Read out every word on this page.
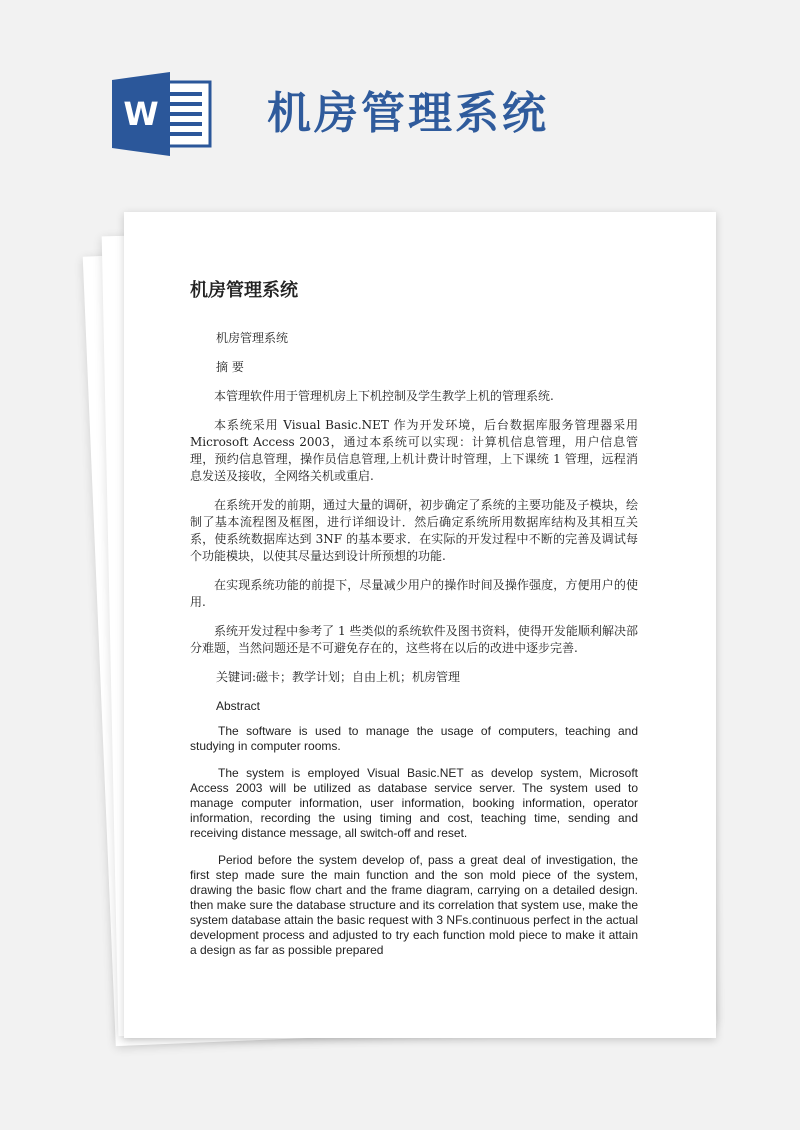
W 机房管理系统
机房管理系统

机房管理系统

摘 要

本管理软件用于管理机房上下机控制及学生教学上机的管理系统.

本系统采用 Visual Basic.NET 作为开发环境，后台数据库服务管理器采用 Microsoft Access 2003，通过本系统可以实现：计算机信息管理，用户信息管理，预约信息管理，操作员信息管理,上机计费计时管理，上下课统 1 管理，远程消息发送及接收，全网络关机或重启.

在系统开发的前期，通过大量的调研，初步确定了系统的主要功能及子模块，绘制了基本流程图及框图，进行详细设计．然后确定系统所用数据库结构及其相互关系，使系统数据库达到 3NF 的基本要求．在实际的开发过程中不断的完善及调试每个功能模块，以使其尽量达到设计所预想的功能.

在实现系统功能的前提下，尽量减少用户的操作时间及操作强度，方便用户的使用.

系统开发过程中参考了 1 些类似的系统软件及图书资料，使得开发能顺利解决部分难题，当然问题还是不可避免存在的，这些将在以后的改进中逐步完善.

关键词:磁卡；教学计划；自由上机；机房管理

Abstract

The software is used to manage the usage of computers, teaching and studying in computer rooms.

The system is employed Visual Basic.NET as develop system, Microsoft Access 2003 will be utilized as database service server. The system used to manage computer information, user information, booking information, operator information, recording the using timing and cost, teaching time, sending and receiving distance message, all switch-off and reset.

Period before the system develop of, pass a great deal of investigation, the first step made sure the main function and the son mold piece of the system, drawing the basic flow chart and the frame diagram, carrying on a detailed design. then make sure the database structure and its correlation that system use, make the system database attain the basic request with 3 NFs.continuous perfect in the actual development process and adjusted to try each function mold piece to make it attain a design as far as possible prepared
